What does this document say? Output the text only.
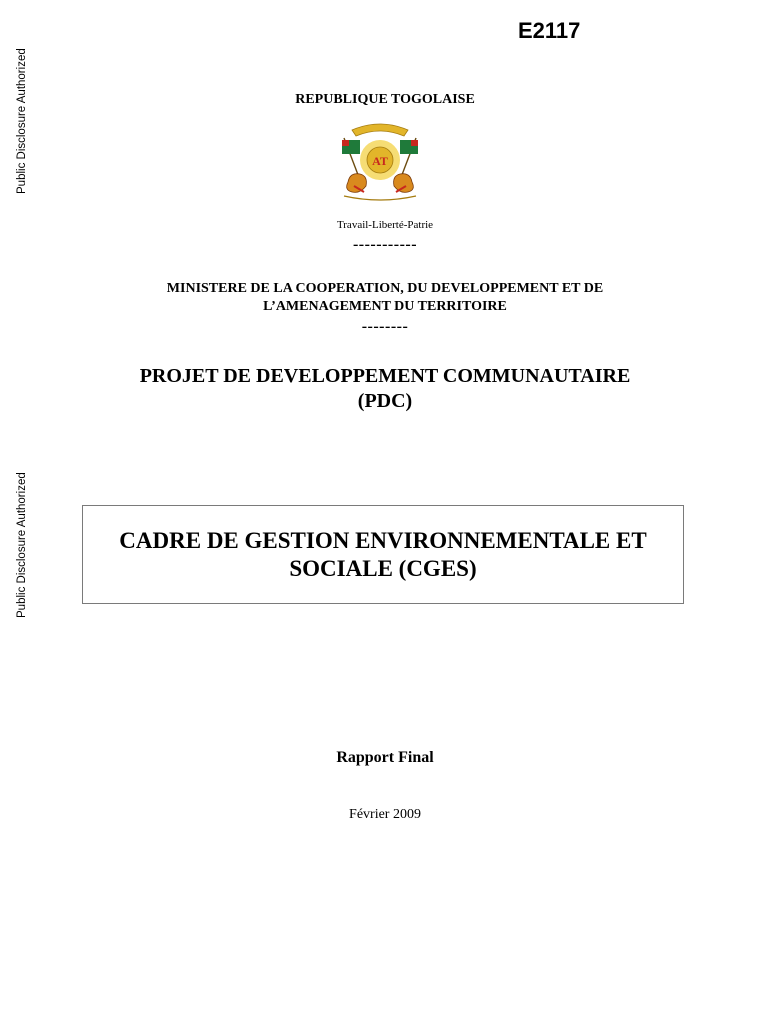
Public Disclosure Authorized
Public Disclosure Authorized
E2117
REPUBLIQUE TOGOLAISE
AT
Travail-Liberté-Patrie
-----------
MINISTERE DE LA COOPERATION, DU DEVELOPPEMENT ET DE
L’AMENAGEMENT DU TERRITOIRE
--------
PROJET DE DEVELOPPEMENT COMMUNAUTAIRE
(PDC)
CADRE DE GESTION ENVIRONNEMENTALE ET
SOCIALE (CGES)
Rapport Final
Février 2009
